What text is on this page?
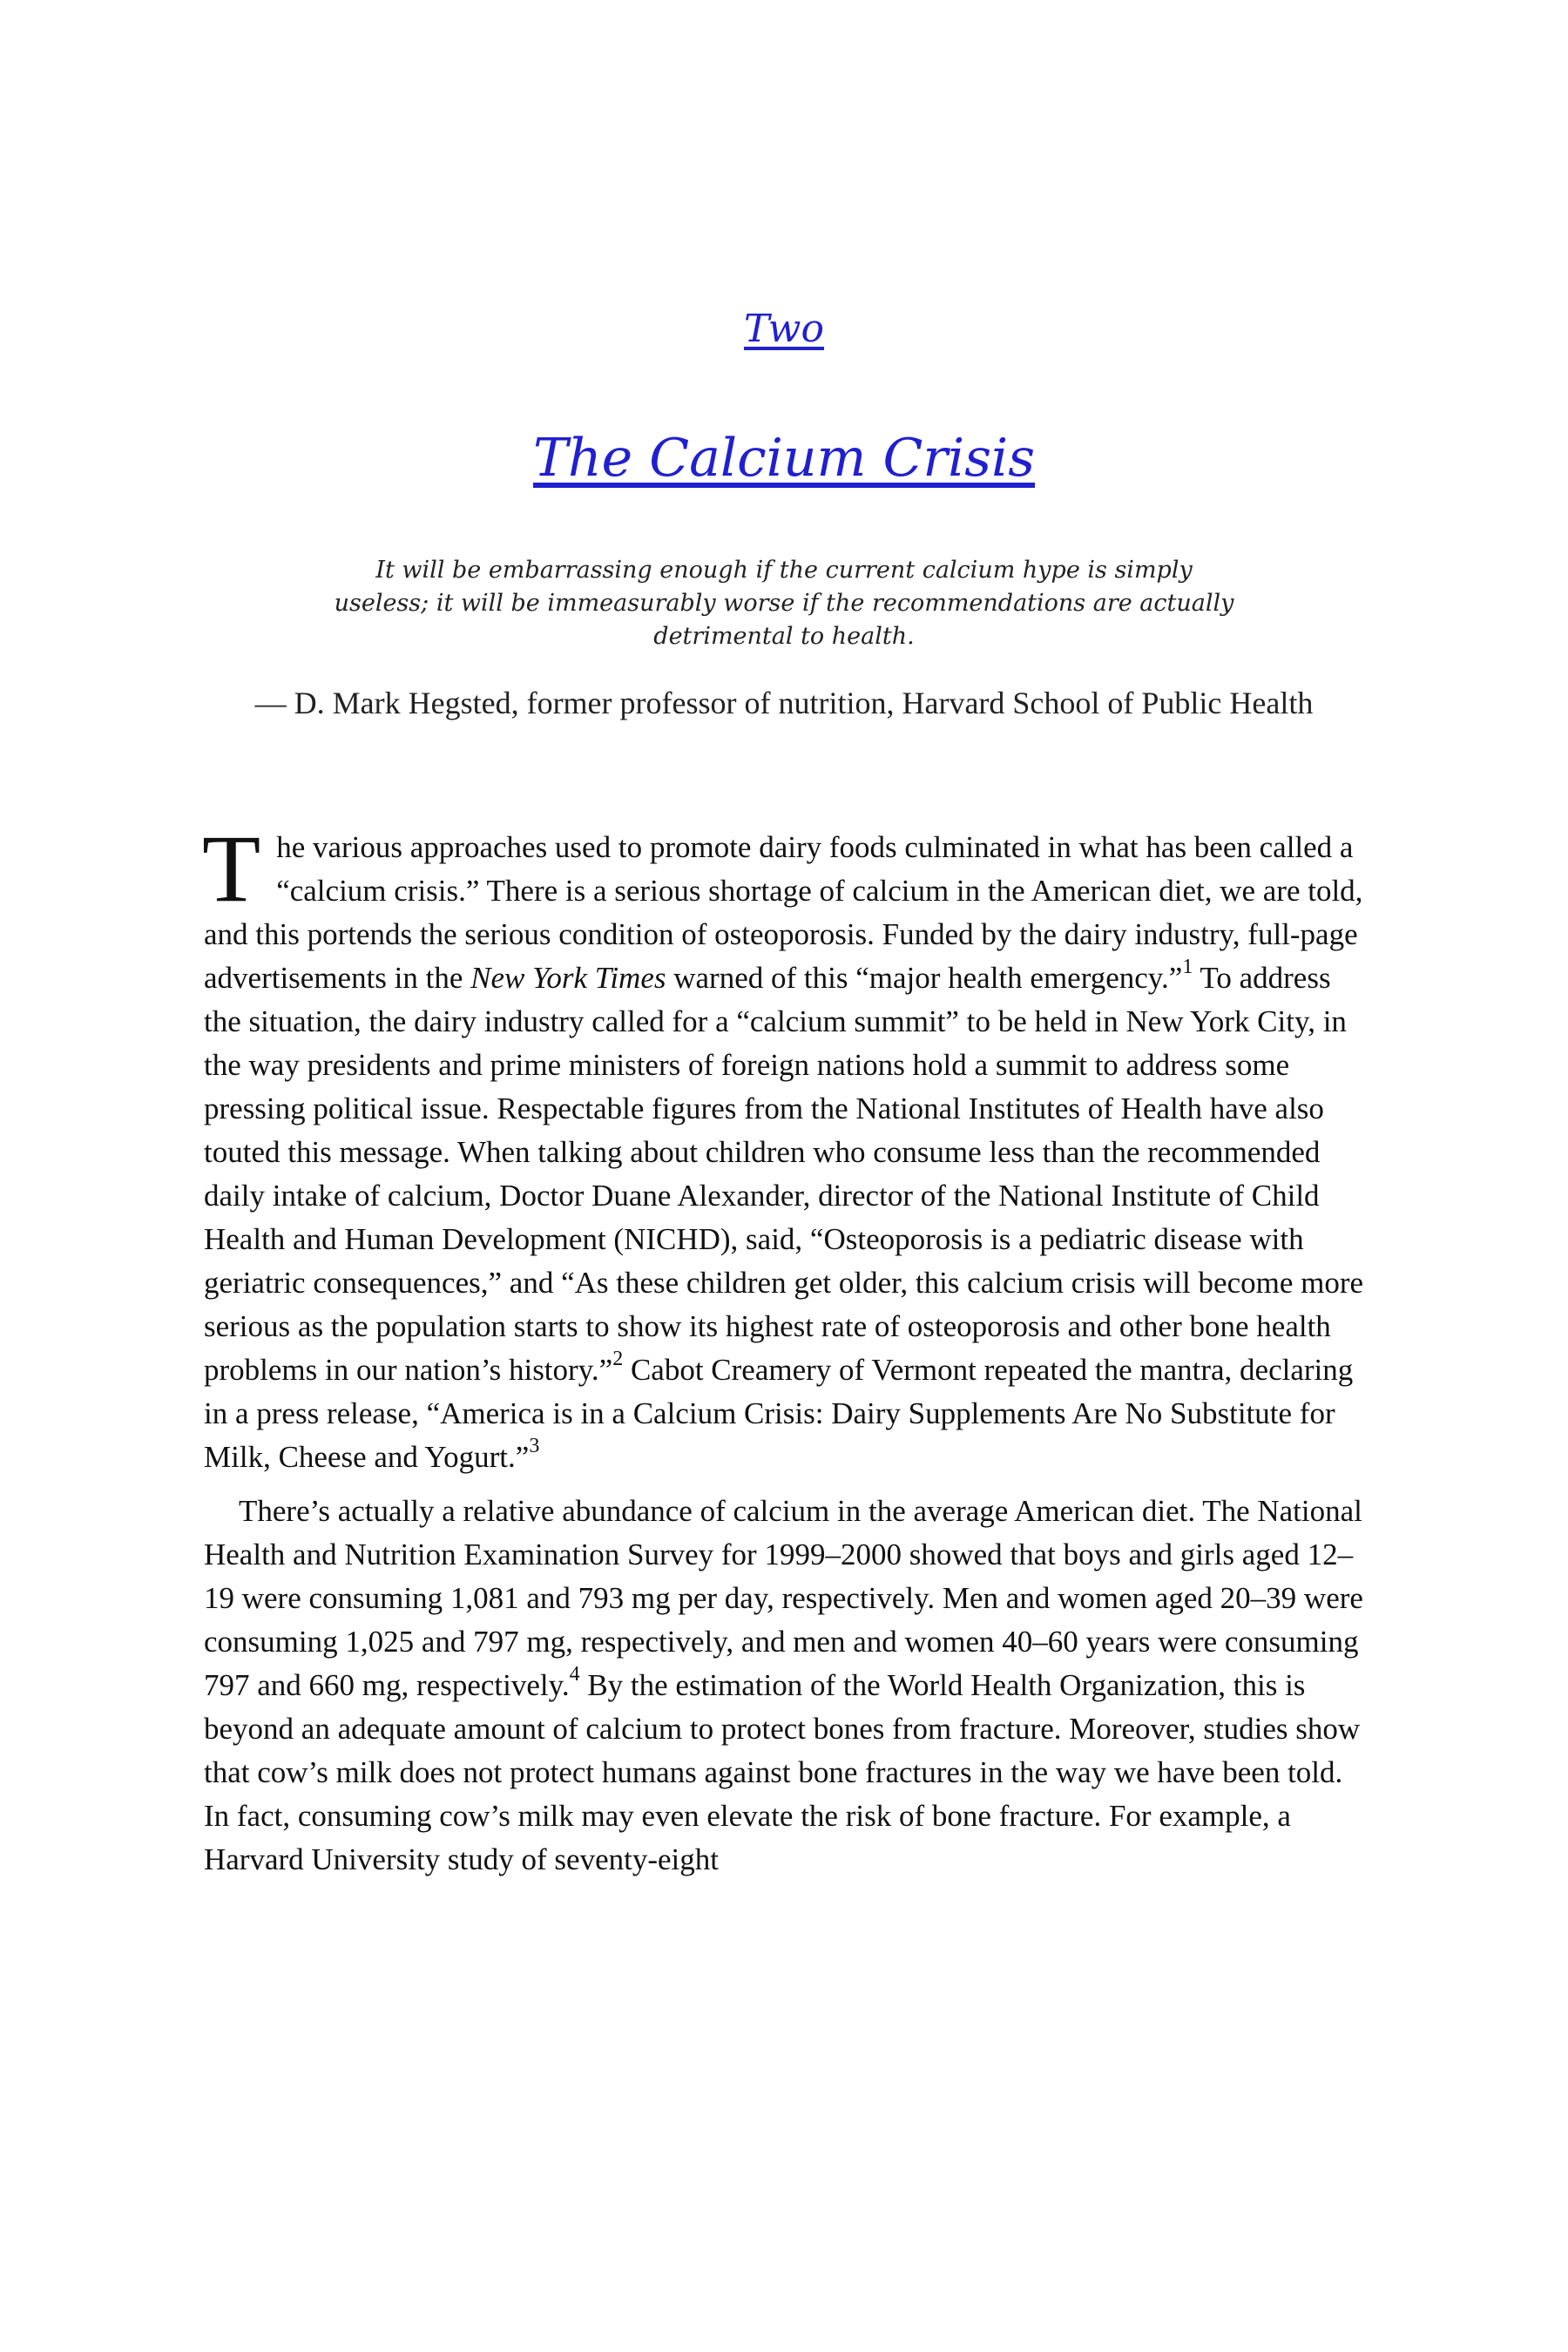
Two
The Calcium Crisis
It will be embarrassing enough if the current calcium hype is simply useless; it will be immeasurably worse if the recommendations are actually detrimental to health.
— D. Mark Hegsted, former professor of nutrition, Harvard School of Public Health

The various approaches used to promote dairy foods culminated in what has been called a “calcium crisis.” There is a serious shortage of calcium in the American diet, we are told, and this portends the serious condition of osteoporosis. Funded by the dairy industry, full-page advertisements in the New York Times warned of this “major health emergency.”$^1$ To address the situation, the dairy industry called for a “calcium summit” to be held in New York City, in the way presidents and prime ministers of foreign nations hold a summit to address some pressing political issue. Respectable figures from the National Institutes of Health have also touted this message. When talking about children who consume less than the recommended daily intake of calcium, Doctor Duane Alexander, director of the National Institute of Child Health and Human Development (NICHD), said, “Osteoporosis is a pediatric disease with geriatric consequences,” and “As these children get older, this calcium crisis will become more serious as the population starts to show its highest rate of osteoporosis and other bone health problems in our nation’s history.”$^2$ Cabot Creamery of Vermont repeated the mantra, declaring in a press release, “America is in a Calcium Crisis: Dairy Supplements Are No Substitute for Milk, Cheese and Yogurt.”$^3$

There’s actually a relative abundance of calcium in the average American diet. The National Health and Nutrition Examination Survey for 1999–2000 showed that boys and girls aged 12–19 were consuming 1,081 and 793 mg per day, respectively. Men and women aged 20–39 were consuming 1,025 and 797 mg, respectively, and men and women 40–60 years were consuming 797 and 660 mg, respectively.$^4$ By the estimation of the World Health Organization, this is beyond an adequate amount of calcium to protect bones from fracture. Moreover, studies show that cow’s milk does not protect humans against bone fractures in the way we have been told. In fact, consuming cow’s milk may even elevate the risk of bone fracture. For example, a Harvard University study of seventy-eight
